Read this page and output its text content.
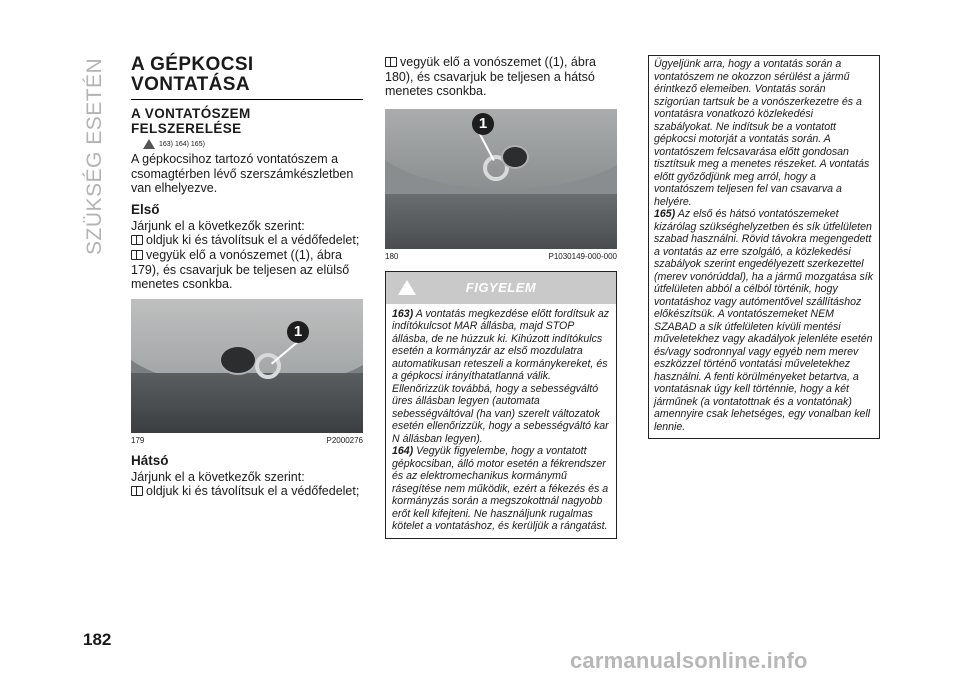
SZÜKSÉG ESETÉN
182
A GÉPKOCSI VONTATÁSA
A VONTATÓSZEM FELSZERELÉSE
163) 164) 165)

A gépkocsihoz tartozó vontatószem a csomagtérben lévő szerszámkészletben van elhelyezve.

Első

Járjunk el a következők szerint:

oldjuk ki és távolítsuk el a védőfedelet;

vegyük elő a vonószemet ((1), ábra 179), és csavarjuk be teljesen az elülső menetes csonkba.

1
179	P2000276
Hátsó

Járjunk el a következők szerint:

oldjuk ki és távolítsuk el a védőfedelet;

vegyük elő a vonószemet ((1), ábra 180), és csavarjuk be teljesen a hátsó menetes csonkba.

1
180	P1030149-000-000
FIGYELEM

163) A vontatás megkezdése előtt fordítsuk az indítókulcsot MAR állásba, majd STOP állásba, de ne húzzuk ki. Kihúzott indítókulcs esetén a kormányzár az első mozdulatra automatikusan reteszeli a kormánykereket, és a gépkocsi irányíthatatlanná válik. Ellenőrizzük továbbá, hogy a sebességváltó üres állásban legyen (automata sebességváltóval (ha van) szerelt változatok esetén ellenőrizzük, hogy a sebességváltó kar N állásban legyen).

164) Vegyük figyelembe, hogy a vontatott gépkocsiban, álló motor esetén a fékrendszer és az elektromechanikus kormánymű rásegítése nem működik, ezért a fékezés és a kormányzás során a megszokottnál nagyobb erőt kell kifejteni. Ne használjunk rugalmas kötelet a vontatáshoz, és kerüljük a rángatást.

Ügyeljünk arra, hogy a vontatás során a vontatószem ne okozzon sérülést a jármű érintkező elemeiben. Vontatás során szigorúan tartsuk be a vonószerkezetre és a vontatásra vonatkozó közlekedési szabályokat. Ne indítsuk be a vontatott gépkocsi motorját a vontatás során. A vontatószem felcsavarása előtt gondosan tisztítsuk meg a menetes részeket. A vontatás előtt győződjünk meg arról, hogy a vontatószem teljesen fel van csavarva a helyére.

165) Az első és hátsó vontatószemeket kizárólag szükséghelyzetben és sík útfelületen szabad használni. Rövid távokra megengedett a vontatás az erre szolgáló, a közlekedési szabályok szerint engedélyezett szerkezettel (merev vonórúddal), ha a jármű mozgatása sík útfelületen abból a célból történik, hogy vontatáshoz vagy autómentővel szállításhoz előkészítsük. A vontatószemeket NEM SZABAD a sík útfelületen kívüli mentési műveletekhez vagy akadályok jelenléte esetén és/vagy sodronnyal vagy egyéb nem merev eszközzel történő vontatási műveletekhez használni. A fenti körülményeket betartva, a vontatásnak úgy kell történnie, hogy a két járműnek (a vontatottnak és a vontatónak) amennyire csak lehetséges, egy vonalban kell lennie.

carmanualsonline.info
